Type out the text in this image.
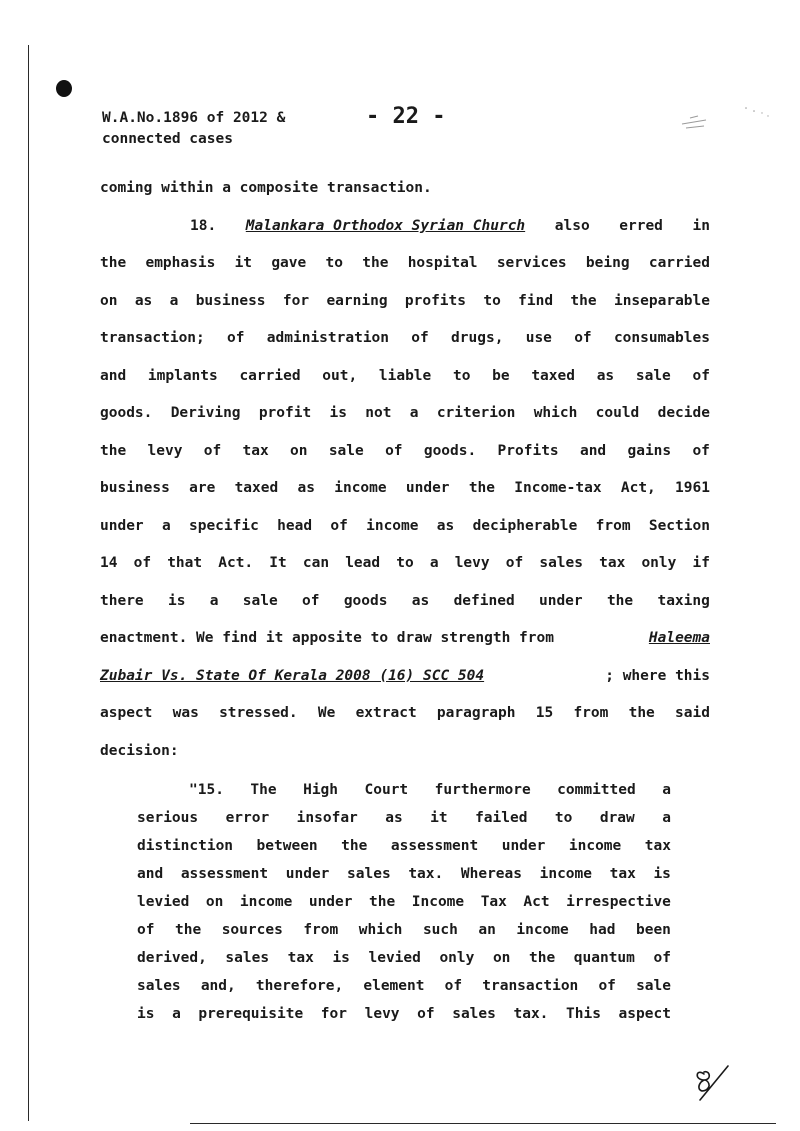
W.A.No.1896 of 2012 &
connected cases
- 22 -
coming within a composite transaction.
18. Malankara Orthodox Syrian Church also erred in
the emphasis it gave to the hospital services being carried
on as a business for earning profits to find the inseparable
transaction; of administration of drugs, use of consumables
and implants carried out, liable to be taxed as sale of
goods. Deriving profit is not a criterion which could decide
the levy of tax on sale of goods. Profits and gains of
business are taxed as income under the Income-tax Act, 1961
under a specific head of income as decipherable from Section
14 of that Act. It can lead to a levy of sales tax only if
there is a sale of goods as defined under the taxing
enactment. We find it apposite to draw strength from	Haleema
Zubair Vs. State Of Kerala 2008 (16) SCC 504	; where this
aspect was stressed. We extract paragraph 15 from the said
decision:
"15. The High Court furthermore committed a
serious error insofar as it failed to draw a
distinction between the assessment under income tax
and assessment under sales tax. Whereas income tax is
levied on income under the Income Tax Act irrespective
of the sources from which such an income had been
derived, sales tax is levied only on the quantum of
sales and, therefore, element of transaction of sale
is a prerequisite for levy of sales tax. This aspect
